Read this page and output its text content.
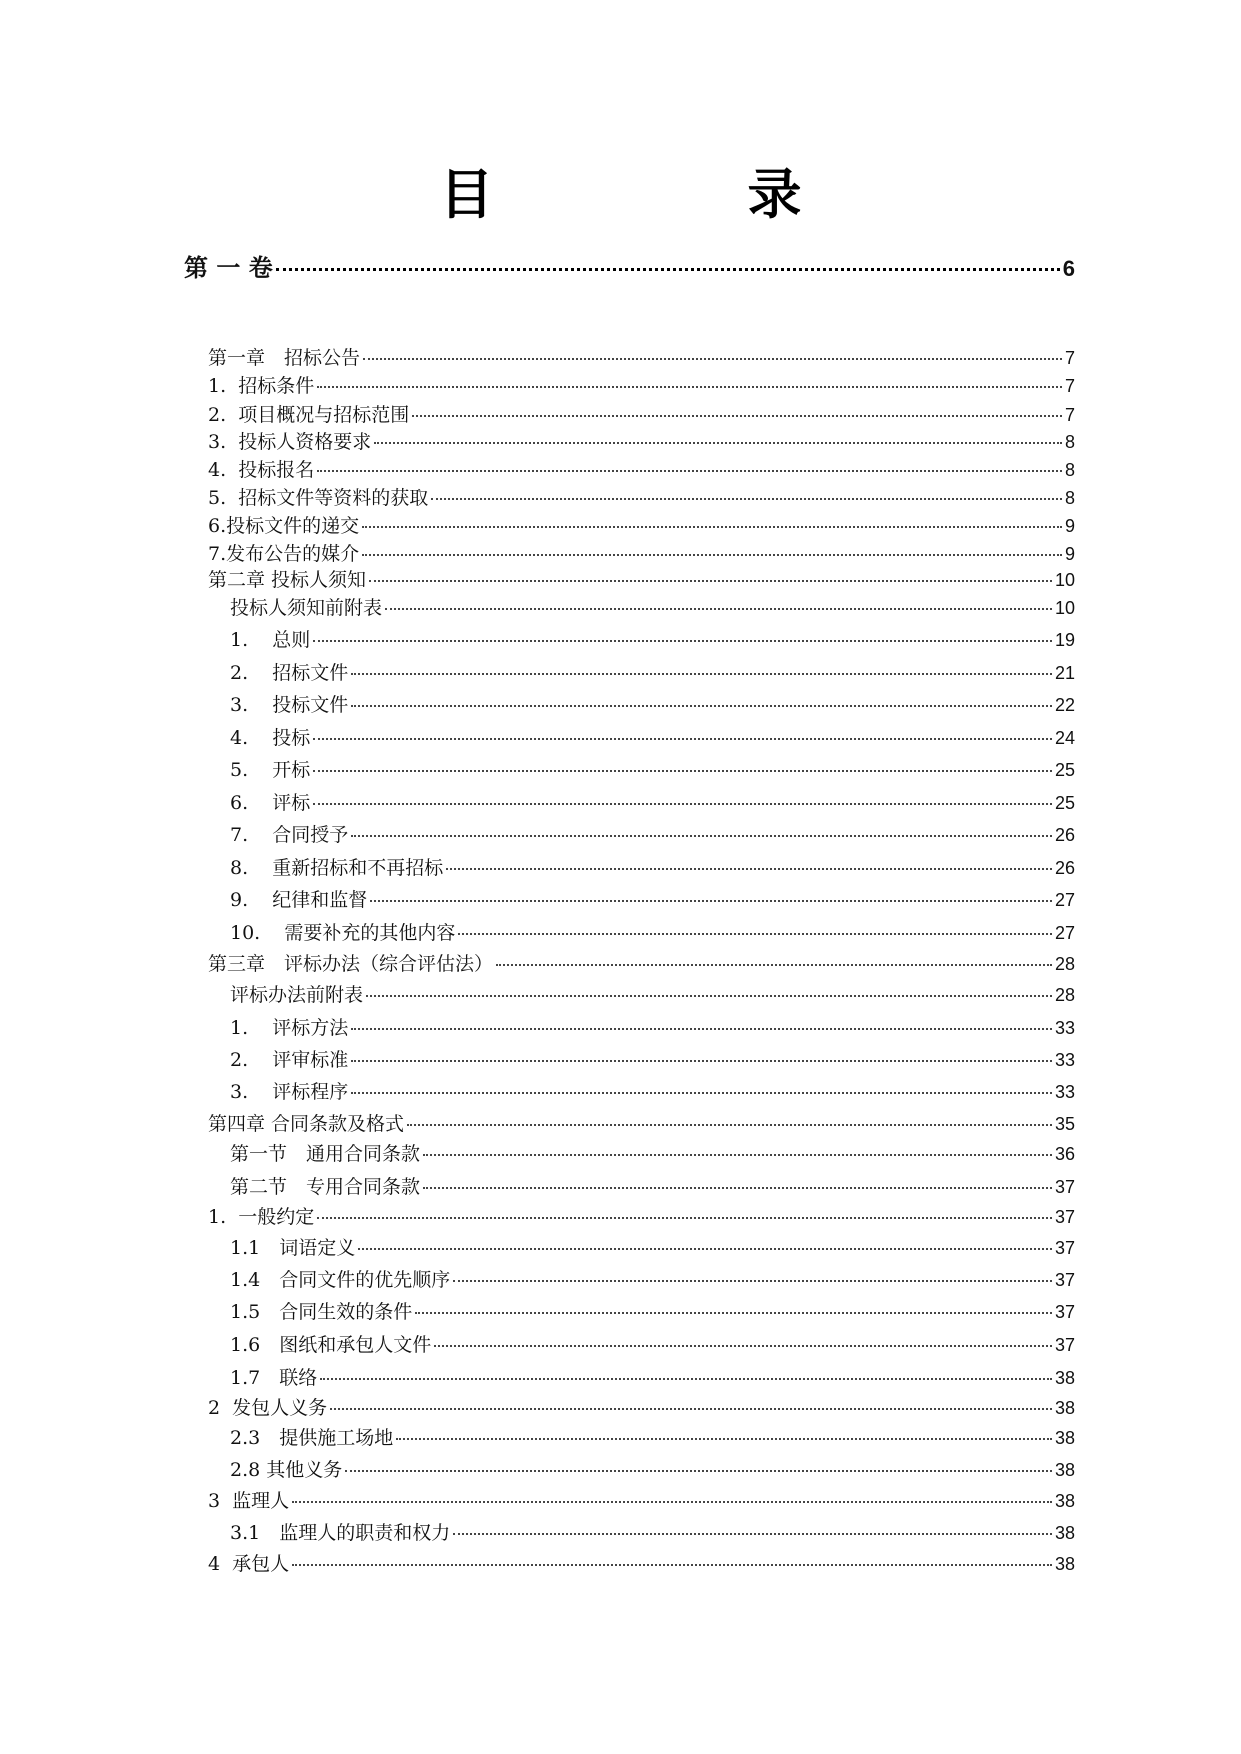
目　录
第 一 卷	6
第一章　招标公告	7
1.  招标条件	7
2.  项目概况与招标范围	7
3.  投标人资格要求	8
4.  投标报名	8
5.  招标文件等资料的获取	8
6.投标文件的递交	9
7.发布公告的媒介	9
第二章 投标人须知	10
投标人须知前附表	10
1.    总则	19
2.    招标文件	21
3.    投标文件	22
4.    投标	24
5.    开标	25
6.    评标	25
7.    合同授予	26
8.    重新招标和不再招标	26
9.    纪律和监督	27
10.    需要补充的其他内容	27
第三章　评标办法（综合评估法）	28
评标办法前附表	28
1.    评标方法	33
2.    评审标准	33
3.    评标程序	33
第四章 合同条款及格式	35
第一节　通用合同条款	36
第二节　专用合同条款	37
1.  一般约定	37
1.1　词语定义	37
1.4　合同文件的优先顺序	37
1.5　合同生效的条件	37
1.6　图纸和承包人文件	37
1.7　联络	38
2  发包人义务	38
2.3　提供施工场地	38
2.8 其他义务	38
3  监理人	38
3.1　监理人的职责和权力	38
4  承包人	38
